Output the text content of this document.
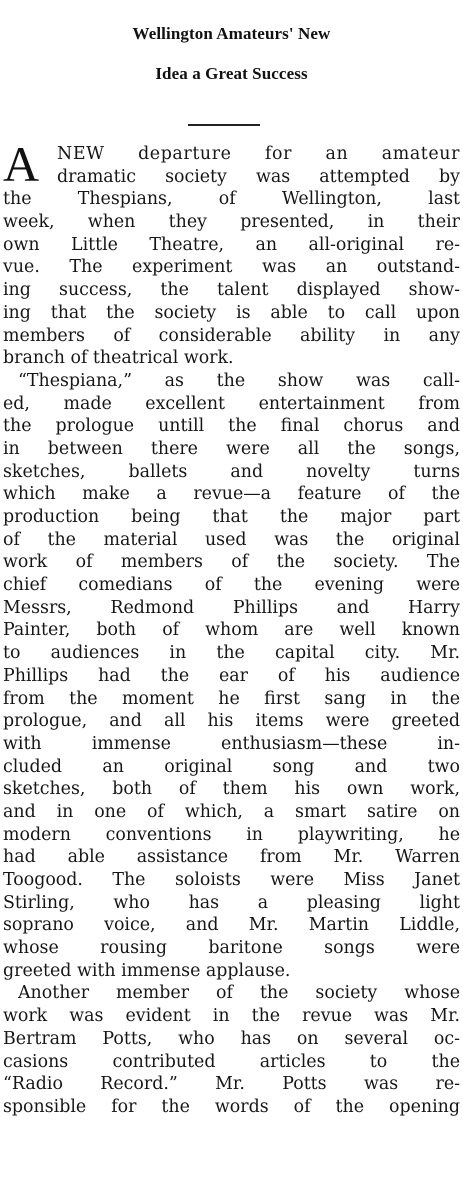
Wellington Amateurs' New
Idea a Great Success
A	NEW departure for an amateur
dramatic society was attempted by
the Thespians, of Wellington, last
week, when they presented, in their
own Little Theatre, an all-original re-
vue. The experiment was an outstand-
ing success, the talent displayed show-
ing that the society is able to call upon
members of considerable ability in any
branch of theatrical work.
“Thespiana,” as the show was call-
ed, made excellent entertainment from
the prologue untill the final chorus and
in between there were all the songs,
sketches, ballets and novelty turns
which make a revue—a feature of the
production being that the major part
of the material used was the original
work of members of the society. The
chief comedians of the evening were
Messrs, Redmond Phillips and Harry
Painter, both of whom are well known
to audiences in the capital city. Mr.
Phillips had the ear of his audience
from the moment he first sang in the
prologue, and all his items were greeted
with immense enthusiasm—these in-
cluded an original song and two
sketches, both of them his own work,
and in one of which, a smart satire on
modern conventions in playwriting, he
had able assistance from Mr. Warren
Toogood. The soloists were Miss Janet
Stirling, who has a pleasing light
soprano voice, and Mr. Martin Liddle,
whose rousing baritone songs were
greeted with immense applause.
Another member of the society whose
work was evident in the revue was Mr.
Bertram Potts, who has on several oc-
casions contributed articles to the
“Radio Record.” Mr. Potts was re-
sponsible for the words of the opening
